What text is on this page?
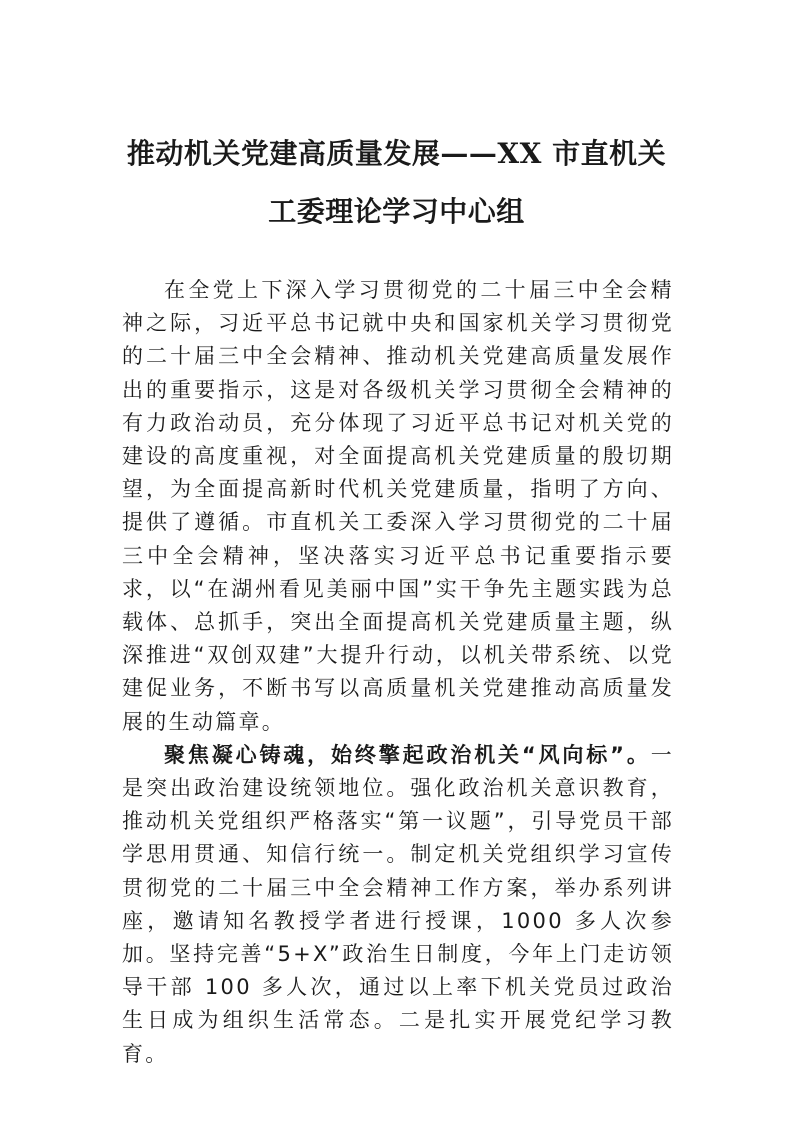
推动机关党建高质量发展——XX 市直机关
工委理论学习中心组

在全党上下深入学习贯彻党的二十届三中全会精神之际，习近平总书记就中央和国家机关学习贯彻党的二十届三中全会精神、推动机关党建高质量发展作出的重要指示，这是对各级机关学习贯彻全会精神的有力政治动员，充分体现了习近平总书记对机关党的建设的高度重视，对全面提高机关党建质量的殷切期望，为全面提高新时代机关党建质量，指明了方向、提供了遵循。市直机关工委深入学习贯彻党的二十届三中全会精神，坚决落实习近平总书记重要指示要求，以“在湖州看见美丽中国”实干争先主题实践为总载体、总抓手，突出全面提高机关党建质量主题，纵深推进“双创双建”大提升行动，以机关带系统、以党建促业务，不断书写以高质量机关党建推动高质量发展的生动篇章。

聚焦凝心铸魂，始终擎起政治机关“风向标”。一是突出政治建设统领地位。强化政治机关意识教育，推动机关党组织严格落实“第一议题”，引导党员干部学思用贯通、知信行统一。制定机关党组织学习宣传贯彻党的二十届三中全会精神工作方案，举办系列讲座，邀请知名教授学者进行授课，1000 多人次参加。坚持完善“5+X”政治生日制度，今年上门走访领导干部 100 多人次，通过以上率下机关党员过政治生日成为组织生活常态。二是扎实开展党纪学习教育。
